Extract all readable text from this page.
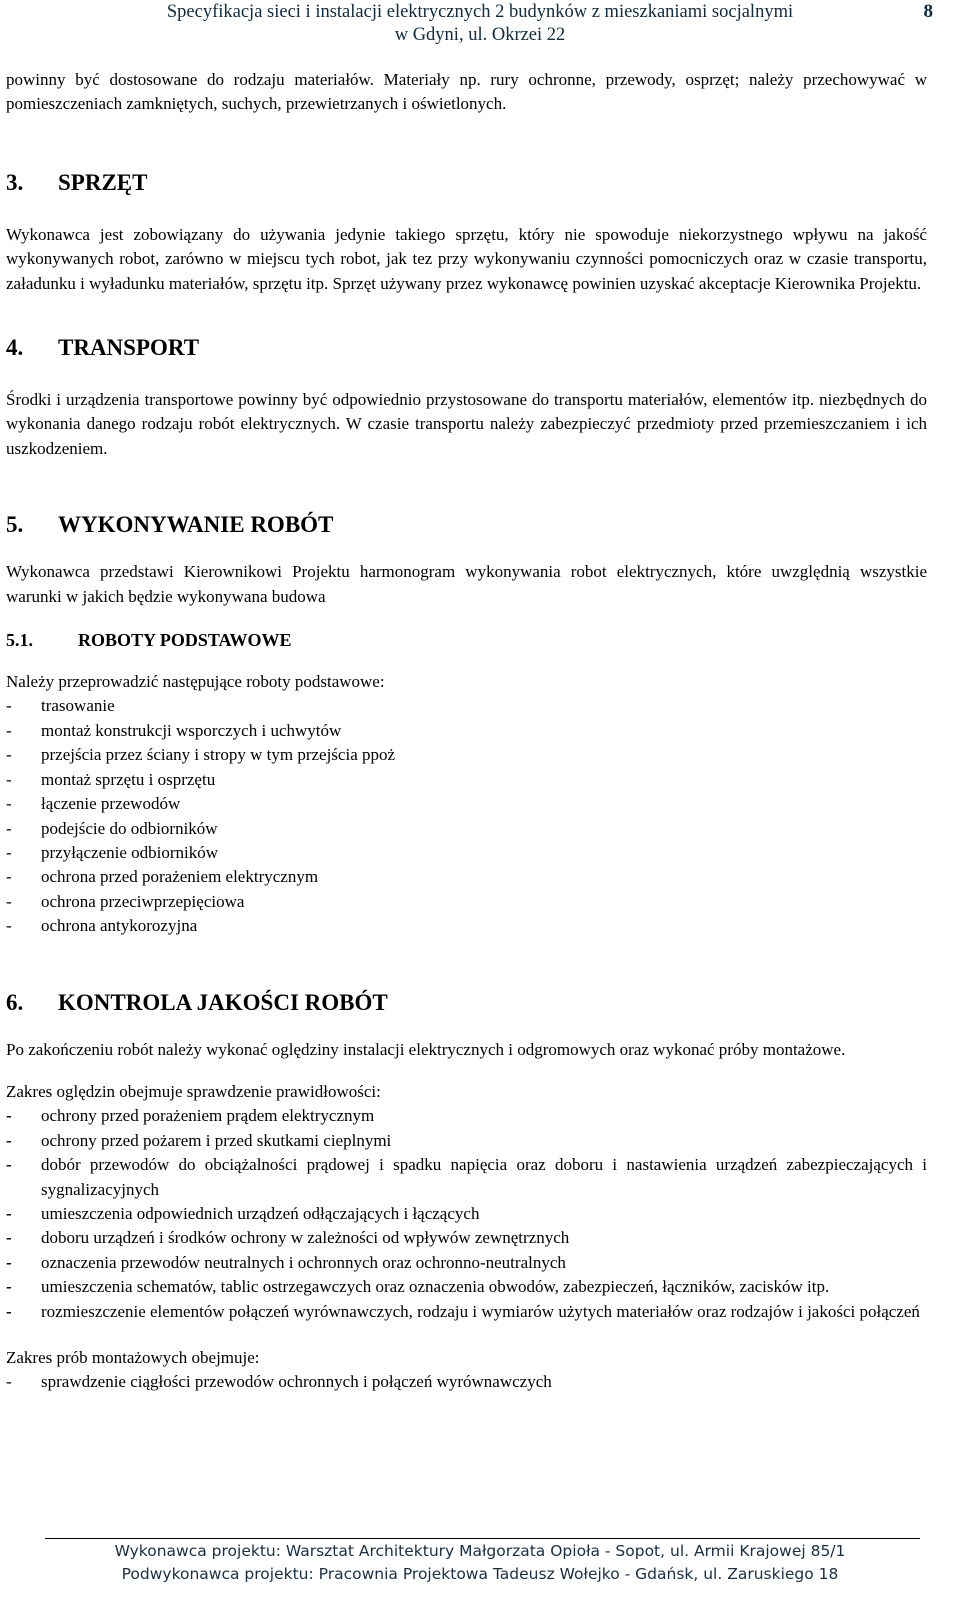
Specyfikacja sieci i instalacji elektrycznych 2 budynków z mieszkaniami socjalnymi
w Gdyni, ul. Okrzei 22
8

powinny być dostosowane do rodzaju materiałów. Materiały np. rury ochronne, przewody, osprzęt; należy przechowywać w pomieszczeniach zamkniętych, suchych, przewietrzanych i oświetlonych.

3. SPRZĘT

Wykonawca jest zobowiązany do używania jedynie takiego sprzętu, który nie spowoduje niekorzystnego wpływu na jakość wykonywanych robot, zarówno w miejscu tych robot, jak tez przy wykonywaniu czynności pomocniczych oraz w czasie transportu, załadunku i wyładunku materiałów, sprzętu itp. Sprzęt używany przez wykonawcę powinien uzyskać akceptacje Kierownika Projektu.

4. TRANSPORT

Środki i urządzenia transportowe powinny być odpowiednio przystosowane do transportu materiałów, elementów itp. niezbędnych do wykonania danego rodzaju robót elektrycznych. W czasie transportu należy zabezpieczyć przedmioty przed przemieszczaniem i ich uszkodzeniem.

5. WYKONYWANIE ROBÓT

Wykonawca przedstawi Kierownikowi Projektu harmonogram wykonywania robot elektrycznych, które uwzględnią wszystkie warunki w jakich będzie wykonywana budowa

5.1.	ROBOTY PODSTAWOWE

Należy przeprowadzić następujące roboty podstawowe:

- trasowanie
- montaż konstrukcji wsporczych i uchwytów
- przejścia przez ściany i stropy w tym przejścia ppoż
- montaż sprzętu i osprzętu
- łączenie przewodów
- podejście do odbiorników
- przyłączenie odbiorników
- ochrona przed porażeniem elektrycznym
- ochrona przeciwprzepięciowa
- ochrona antykorozyjna
6. KONTROLA JAKOŚCI ROBÓT

Po zakończeniu robót należy wykonać oględziny instalacji elektrycznych i odgromowych oraz wykonać próby montażowe.

Zakres oględzin obejmuje sprawdzenie prawidłowości:

- ochrony przed porażeniem prądem elektrycznym
- ochrony przed pożarem i przed skutkami cieplnymi
- dobór przewodów do obciążalności prądowej i spadku napięcia oraz doboru i nastawienia urządzeń zabezpieczających i sygnalizacyjnych
- umieszczenia odpowiednich urządzeń odłączających i łączących
- doboru urządzeń i środków ochrony w zależności od wpływów zewnętrznych
- oznaczenia przewodów neutralnych i ochronnych oraz ochronno-neutralnych
- umieszczenia schematów, tablic ostrzegawczych oraz oznaczenia obwodów, zabezpieczeń, łączników, zacisków itp.
- rozmieszczenie elementów połączeń wyrównawczych, rodzaju i wymiarów użytych materiałów oraz rodzajów i jakości połączeń

Zakres prób montażowych obejmuje:

- sprawdzenie ciągłości przewodów ochronnych i połączeń wyrównawczych
Wykonawca projektu: Warsztat Architektury Małgorzata Opioła - Sopot, ul. Armii Krajowej 85/1
Podwykonawca projektu: Pracownia Projektowa Tadeusz Wołejko - Gdańsk, ul. Zaruskiego 18
